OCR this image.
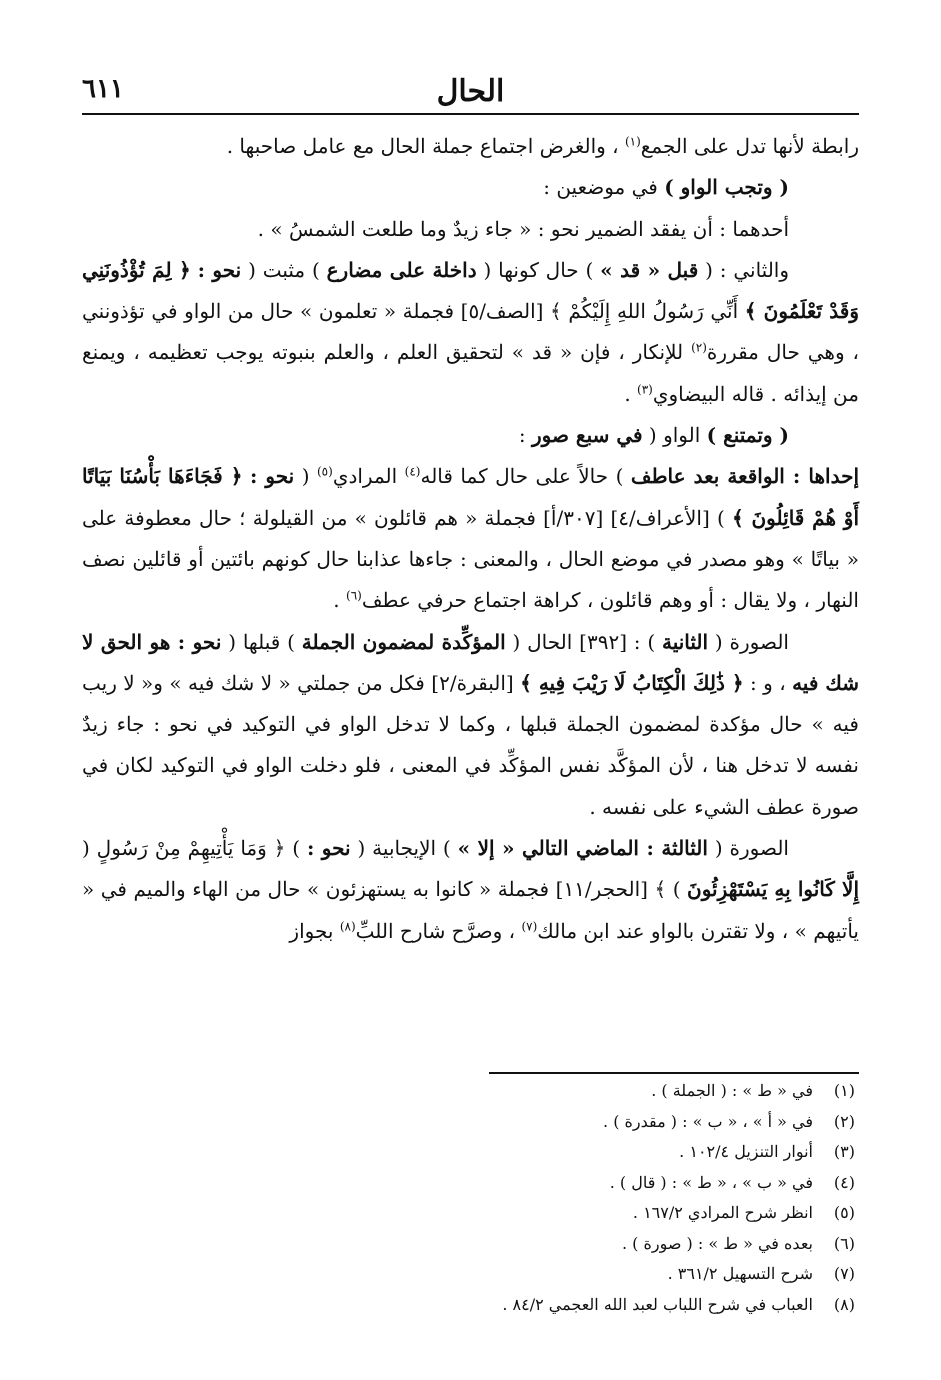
الحال
٦١١

رابطة لأنها تدل على الجمع$^{(١)}$ ، والغرض اجتماع جملة الحال مع عامل صاحبها .

( وتجب الواو ) في موضعين :

أحدهما : أن يفقد الضمير نحو : « جاء زيدٌ وما طلعت الشمسُ » .

والثاني : ( قبل « قد » ) حال كونها ( داخلة على مضارع ) مثبت ( نحو : ﴿ لِمَ تُؤْذُونَنِي وَقَدْ تَعْلَمُونَ ﴾ أَنِّي رَسُولُ اللهِ إِلَيْكُمْ ﴾ [الصف/٥] فجملة « تعلمون » حال من الواو في تؤذونني ، وهي حال مقررة$^{(٢)}$ للإنكار ، فإن « قد » لتحقيق العلم ، والعلم بنبوته يوجب تعظيمه ، ويمنع من إيذائه . قاله البيضاوي$^{(٣)}$ .

( وتمتنع ) الواو ( في سبع صور :

إحداها : الواقعة بعد عاطف ) حالاً على حال كما قاله$^{(٤)}$ المرادي$^{(٥)}$ ( نحو : ﴿ فَجَاءَهَا بَأْسُنَا بَيَاتًا أَوْ هُمْ قَائِلُونَ ﴾ ) [الأعراف/٤] [٣٠٧/أ] فجملة « هم قائلون » من القيلولة ؛ حال معطوفة على « بياتًا » وهو مصدر في موضع الحال ، والمعنى : جاءها عذابنا حال كونهم بائتين أو قائلين نصف النهار ، ولا يقال : أو وهم قائلون ، كراهة اجتماع حرفي عطف$^{(٦)}$ .

الصورة ( الثانية ) : [٣٩٢] الحال ( المؤكِّدة لمضمون الجملة ) قبلها ( نحو : هو الحق لا شك فيه ، و : ﴿ ذَٰلِكَ الْكِتَابُ لَا رَيْبَ فِيهِ ﴾ [البقرة/٢] فكل من جملتي « لا شك فيه » و« لا ريب فيه » حال مؤكدة لمضمون الجملة قبلها ، وكما لا تدخل الواو في التوكيد في نحو : جاء زيدٌ نفسه لا تدخل هنا ، لأن المؤكَّد نفس المؤكِّد في المعنى ، فلو دخلت الواو في التوكيد لكان في صورة عطف الشيء على نفسه .

الصورة ( الثالثة : الماضي التالي « إلا » ) الإيجابية ( نحو : ) ﴿ وَمَا يَأْتِيهِمْ مِنْ رَسُولٍ ( إِلَّا كَانُوا بِهِ يَسْتَهْزِئُونَ ) ﴾ [الحجر/١١] فجملة « كانوا به يستهزئون » حال من الهاء والميم في « يأتيهم » ، ولا تقترن بالواو عند ابن مالك$^{(٧)}$ ، وصرَّح شارح اللبِّ$^{(٨)}$ بجواز

(١)
في « ط » : ( الجملة ) .
(٢)
في « أ » ، « ب » : ( مقدرة ) .
(٣)
أنوار التنزيل ١٠٢/٤ .
(٤)
في « ب » ، « ط » : ( قال ) .
(٥)
انظر شرح المرادي ١٦٧/٢ .
(٦)
بعده في « ط » : ( صورة ) .
(٧)
شرح التسهيل ٣٦١/٢ .
(٨)
العباب في شرح اللباب لعبد الله العجمي ٨٤/٢ .
